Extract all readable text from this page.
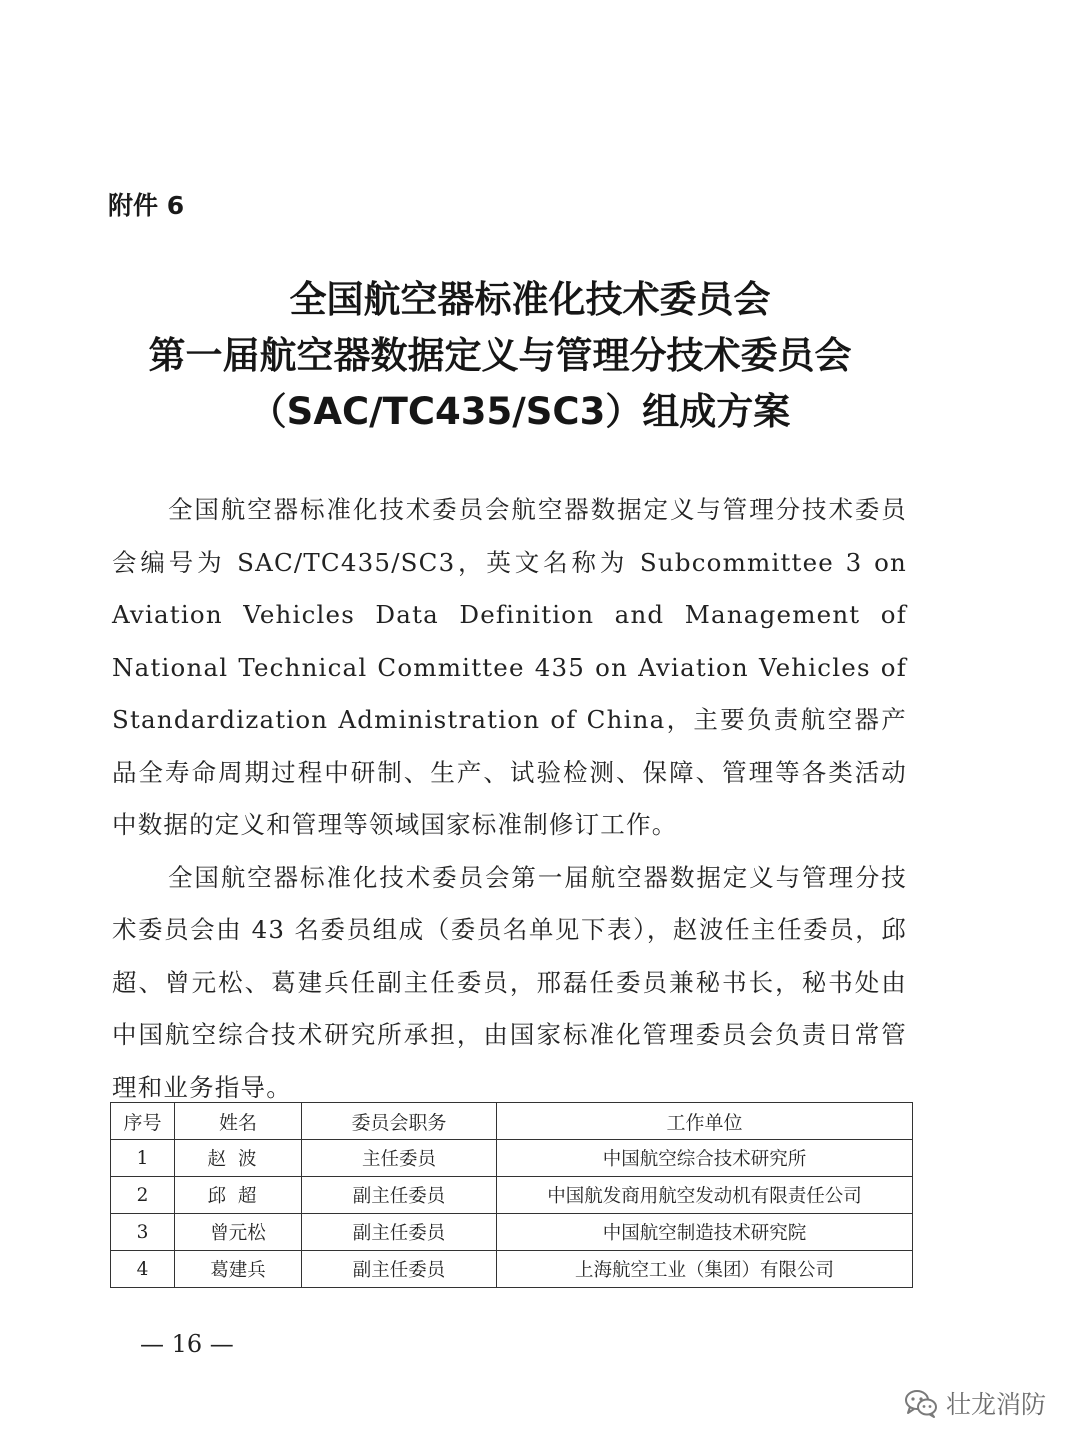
附件 6
全国航空器标准化技术委员会
第一届航空器数据定义与管理分技术委员会
（SAC/TC435/SC3）组成方案

全国航空器标准化技术委员会航空器数据定义与管理分技术委员会编号为 SAC/TC435/SC3，英文名称为 Subcommittee 3 on Aviation Vehicles Data Definition and Management of National Technical Committee 435 on Aviation Vehicles of Standardization Administration of China，主要负责航空器产品全寿命周期过程中研制、生产、试验检测、保障、管理等各类活动中数据的定义和管理等领域国家标准制修订工作。

全国航空器标准化技术委员会第一届航空器数据定义与管理分技术委员会由 43 名委员组成（委员名单见下表），赵波任主任委员，邱超、曾元松、葛建兵任副主任委员，邢磊任委员兼秘书长，秘书处由中国航空综合技术研究所承担，由国家标准化管理委员会负责日常管理和业务指导。

序号	姓名	委员会职务	工作单位
1	赵波	主任委员	中国航空综合技术研究所
2	邱超	副主任委员	中国航发商用航空发动机有限责任公司
3	曾元松	副主任委员	中国航空制造技术研究院
4	葛建兵	副主任委员	上海航空工业（集团）有限公司
— 16 —
壮龙消防
